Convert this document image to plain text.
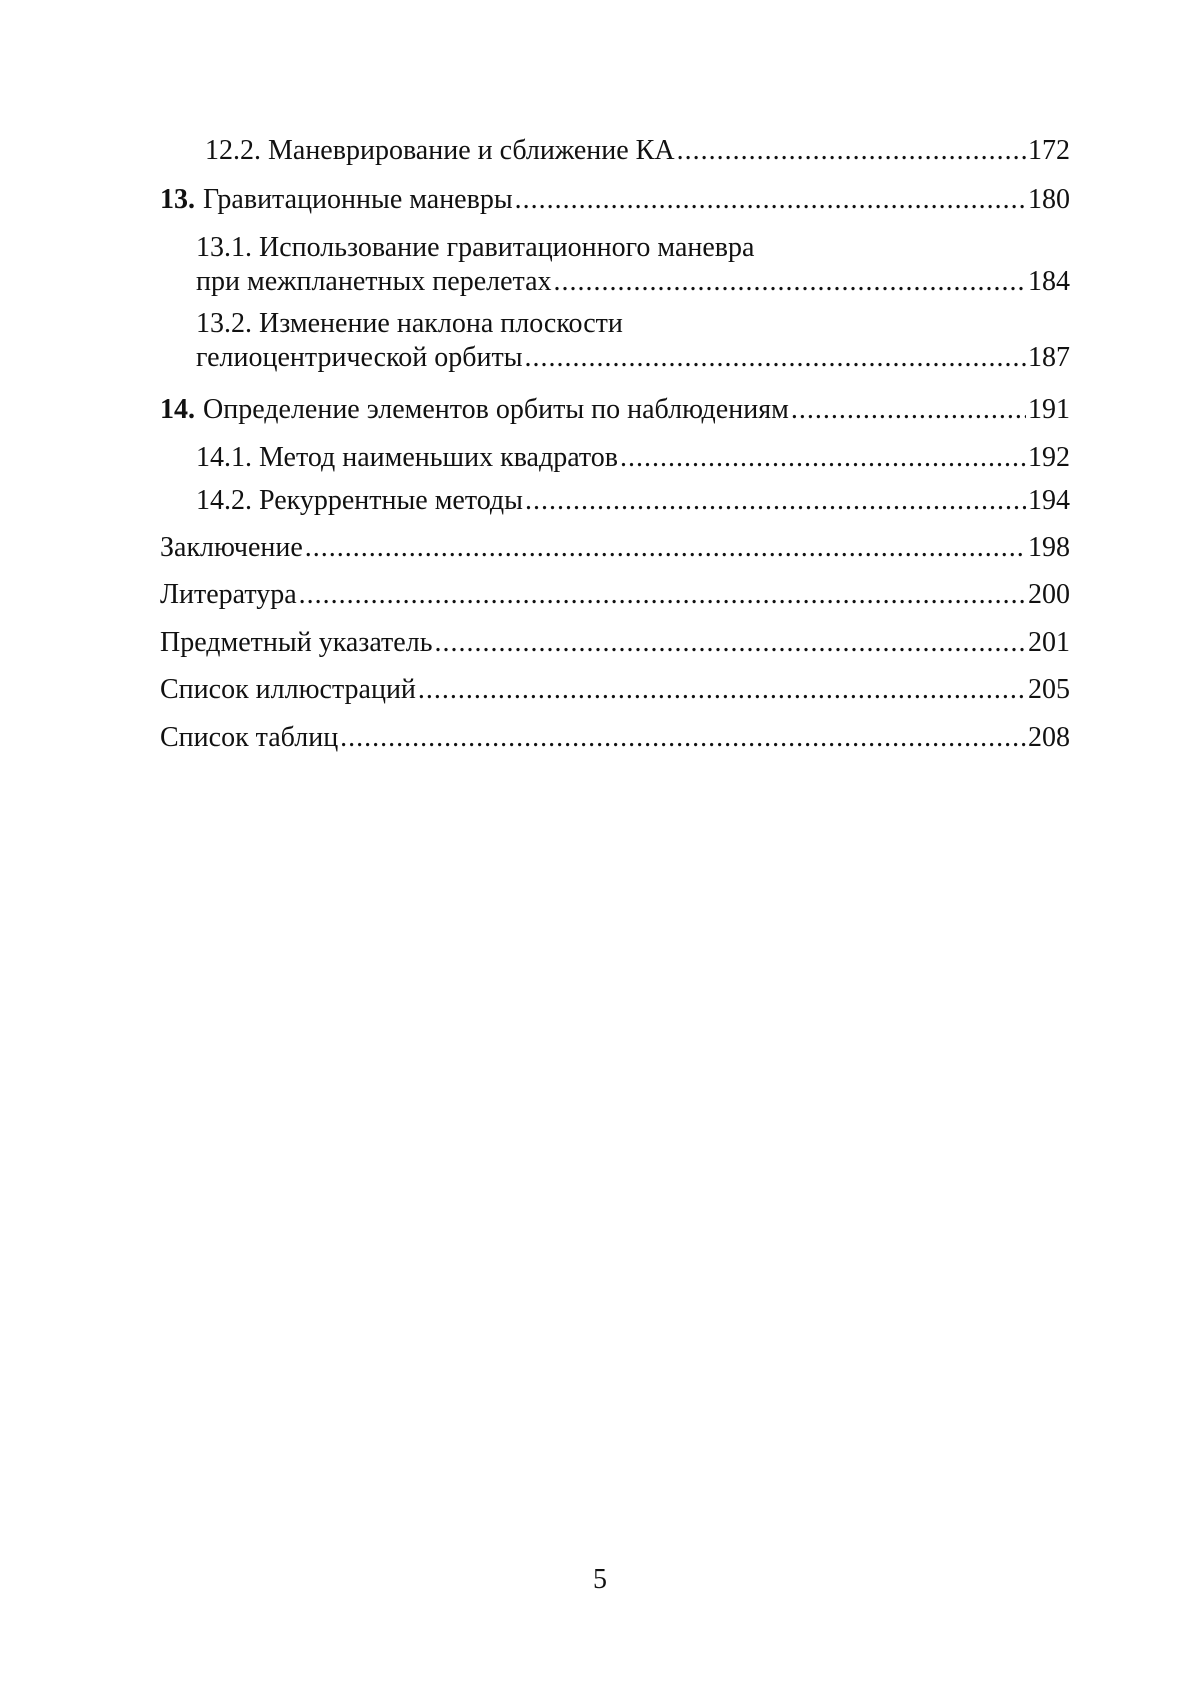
12.2. Маневрирование и сближение КА .....	172
13. Гравитационные маневры .....	180
13.1. Использование гравитационного маневра
при межпланетных перелетах .....	184
13.2. Изменение наклона плоскости
гелиоцентрической орбиты .....	187
14. Определение элементов орбиты по наблюдениям .....	191
14.1. Метод наименьших квадратов .....	192
14.2. Рекуррентные методы .....	194
Заключение .....	198
Литература .....	200
Предметный указатель .....	201
Список иллюстраций .....	205
Список таблиц .....	208
5
